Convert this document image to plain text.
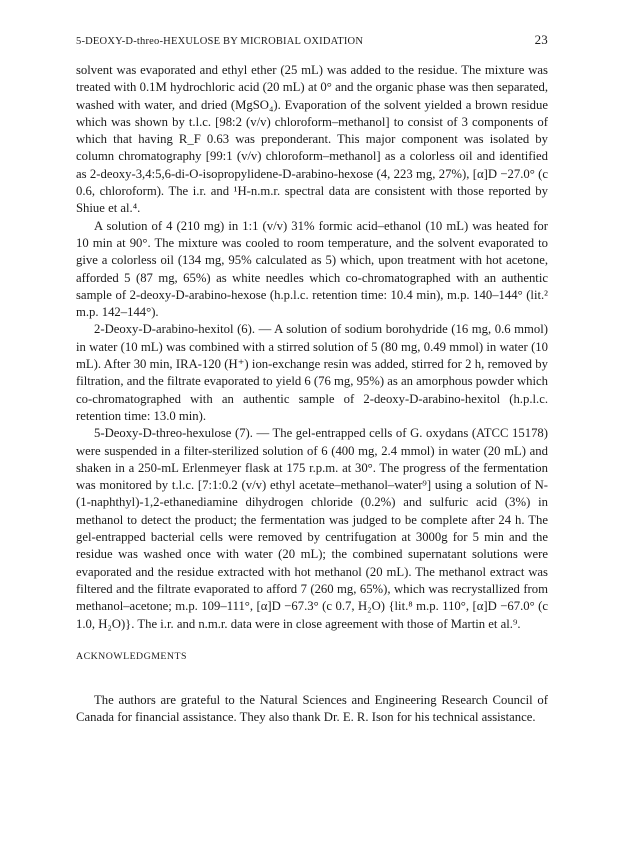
5-DEOXY-D-threo-HEXULOSE BY MICROBIAL OXIDATION	23

solvent was evaporated and ethyl ether (25 mL) was added to the residue. The mixture was treated with 0.1M hydrochloric acid (20 mL) at 0° and the organic phase was then separated, washed with water, and dried (MgSO₄). Evaporation of the solvent yielded a brown residue which was shown by t.l.c. [98:2 (v/v) chloroform–methanol] to consist of 3 components of which that having R_F 0.63 was preponderant. This major component was isolated by column chromatography [99:1 (v/v) chloroform–methanol] as a colorless oil and identified as 2-deoxy-3,4:5,6-di-O-isopropylidene-D-arabino-hexose (4, 223 mg, 27%), [α]D −27.0° (c 0.6, chloroform). The i.r. and ¹H-n.m.r. spectral data are consistent with those reported by Shiue et al.⁴.

A solution of 4 (210 mg) in 1:1 (v/v) 31% formic acid–ethanol (10 mL) was heated for 10 min at 90°. The mixture was cooled to room temperature, and the solvent evaporated to give a colorless oil (134 mg, 95% calculated as 5) which, upon treatment with hot acetone, afforded 5 (87 mg, 65%) as white needles which co-chromatographed with an authentic sample of 2-deoxy-D-arabino-hexose (h.p.l.c. retention time: 10.4 min), m.p. 140–144° (lit.² m.p. 142–144°).

2-Deoxy-D-arabino-hexitol (6). — A solution of sodium borohydride (16 mg, 0.6 mmol) in water (10 mL) was combined with a stirred solution of 5 (80 mg, 0.49 mmol) in water (10 mL). After 30 min, IRA-120 (H⁺) ion-exchange resin was added, stirred for 2 h, removed by filtration, and the filtrate evaporated to yield 6 (76 mg, 95%) as an amorphous powder which co-chromatographed with an authentic sample of 2-deoxy-D-arabino-hexitol (h.p.l.c. retention time: 13.0 min).

5-Deoxy-D-threo-hexulose (7). — The gel-entrapped cells of G. oxydans (ATCC 15178) were suspended in a filter-sterilized solution of 6 (400 mg, 2.4 mmol) in water (20 mL) and shaken in a 250-mL Erlenmeyer flask at 175 r.p.m. at 30°. The progress of the fermentation was monitored by t.l.c. [7:1:0.2 (v/v) ethyl acetate–methanol–water⁹] using a solution of N-(1-naphthyl)-1,2-ethanediamine dihydrogen chloride (0.2%) and sulfuric acid (3%) in methanol to detect the product; the fermentation was judged to be complete after 24 h. The gel-entrapped bacterial cells were removed by centrifugation at 3000g for 5 min and the residue was washed once with water (20 mL); the combined supernatant solutions were evaporated and the residue extracted with hot methanol (20 mL). The methanol extract was filtered and the filtrate evaporated to afford 7 (260 mg, 65%), which was recrystallized from methanol–acetone; m.p. 109–111°, [α]D −67.3° (c 0.7, H₂O) {lit.⁸ m.p. 110°, [α]D −67.0° (c 1.0, H₂O)}. The i.r. and n.m.r. data were in close agreement with those of Martin et al.⁹.

ACKNOWLEDGMENTS

The authors are grateful to the Natural Sciences and Engineering Research Council of Canada for financial assistance. They also thank Dr. E. R. Ison for his technical assistance.
